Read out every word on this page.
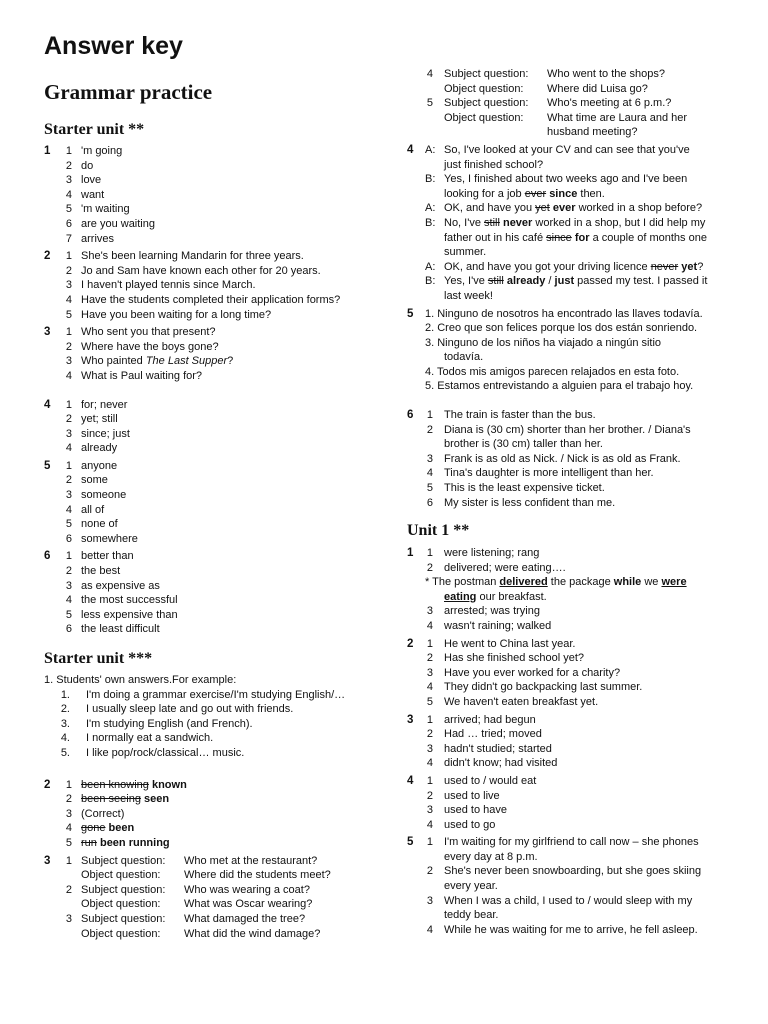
Answer key
Grammar practice
Starter unit **
1	1 'm going
2 do
3 love
4 want
5 'm waiting
6 are you waiting
7 arrives
2	1 She's been learning Mandarin for three years.
2 Jo and Sam have known each other for 20 years.
3 I haven't played tennis since March.
4 Have the students completed their application forms?
5 Have you been waiting for a long time?
3	1 Who sent you that present?
2 Where have the boys gone?
3 Who painted The Last Supper?
4 What is Paul waiting for?
4	1 for; never
2 yet; still
3 since; just
4 already
5	1 anyone
2 some
3 someone
4 all of
5 none of
6 somewhere
6	1 better than
2 the best
3 as expensive as
4 the most successful
5 less expensive than
6 the least difficult
Starter unit ***
1. Students' own answers.For example:
1. I'm doing a grammar exercise/I'm studying English/…
2. I usually sleep late and go out with friends.
3. I'm studying English (and French).
4. I normally eat a sandwich.
5. I like pop/rock/classical… music.
2	1 been knowing known
2 been seeing seen
3 (Correct)
4 gone been
5 run been running
3	1 Subject question: Who met at the restaurant?
Object question: Where did the students meet?
2 Subject question: Who was wearing a coat?
Object question: What was Oscar wearing?
3 Subject question: What damaged the tree?
Object question: What did the wind damage?
4 Subject question: Who went to the shops?
Object question: Where did Luisa go?
5 Subject question: Who's meeting at 6 p.m.?
Object question: What time are Laura and her
husband meeting?
4 A: So, I've looked at your CV and can see that you've
just finished school?
B: Yes, I finished about two weeks ago and I've been
looking for a job ever since then.
A: OK, and have you yet ever worked in a shop before?
B: No, I've still never worked in a shop, but I did help my
father out in his café since for a couple of months one
summer.
A: OK, and have you got your driving licence never yet?
B: Yes, I've still already / just passed my test. I passed it
last week!
5 1. Ninguno de nosotros ha encontrado las llaves todavía.
2. Creo que son felices porque los dos están sonriendo.
3. Ninguno de los niños ha viajado a ningún sitio
todavía.
4. Todos mis amigos parecen relajados en esta foto.
5. Estamos entrevistando a alguien para el trabajo hoy.
6	1 The train is faster than the bus.
2 Diana is (30 cm) shorter than her brother. / Diana's
brother is (30 cm) taller than her.
3 Frank is as old as Nick. / Nick is as old as Frank.
4 Tina's daughter is more intelligent than her.
5 This is the least expensive ticket.
6 My sister is less confident than me.
Unit 1 **
1	1 were listening; rang
2 delivered; were eating….
* The postman delivered the package while we were
eating our breakfast.
3 arrested; was trying
4 wasn't raining; walked
2	1 He went to China last year.
2 Has she finished school yet?
3 Have you ever worked for a charity?
4 They didn't go backpacking last summer.
5 We haven't eaten breakfast yet.
3	1 arrived; had begun
2 Had … tried; moved
3 hadn't studied; started
4 didn't know; had visited
4	1 used to / would eat
2 used to live
3 used to have
4 used to go
5	1 I'm waiting for my girlfriend to call now – she phones
every day at 8 p.m.
2 She's never been snowboarding, but she goes skiing
every year.
3 When I was a child, I used to / would sleep with my
teddy bear.
4 While he was waiting for me to arrive, he fell asleep.
